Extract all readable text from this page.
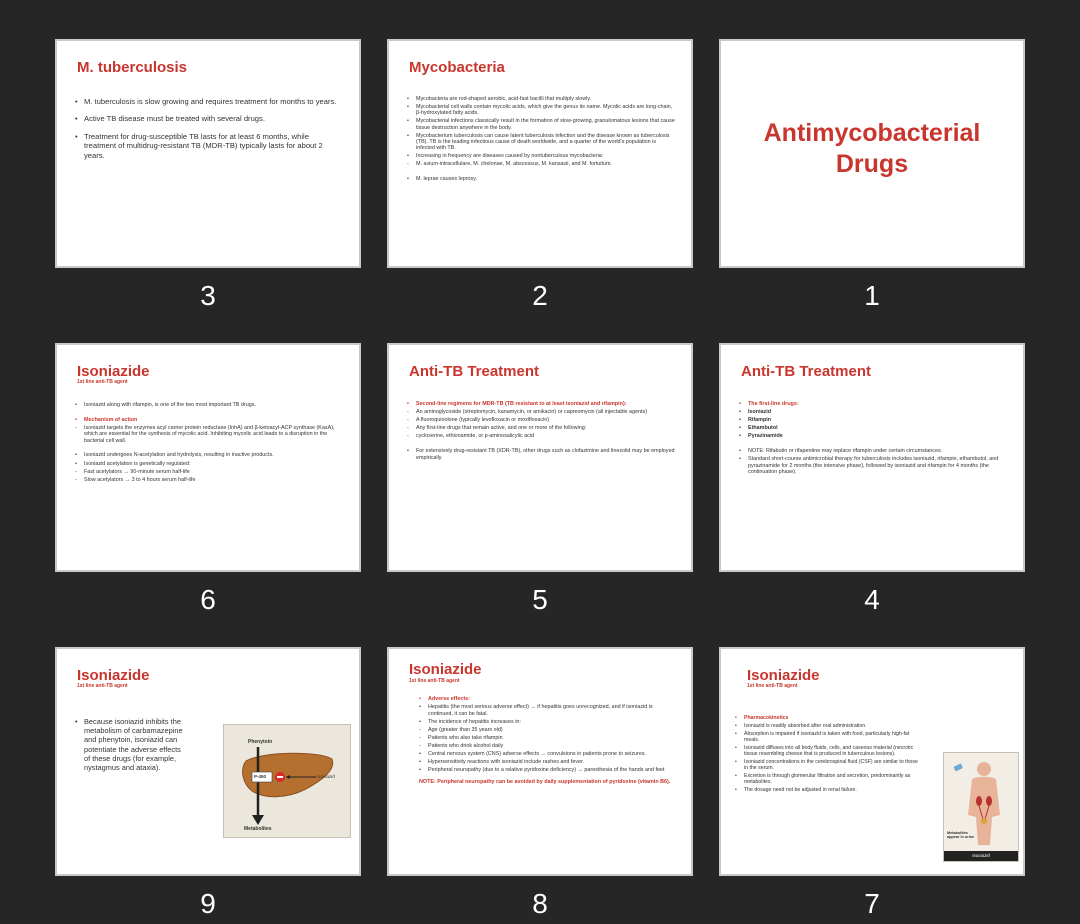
M. tuberculosis
• M. tuberculosis is slow growing and requires treatment for months to years.
• Active TB disease must be treated with several drugs.
• Treatment for drug-susceptible TB lasts for at least 6 months, while treatment of multidrug-resistant TB (MDR-TB) typically lasts for about 2 years.
3
Mycobacteria
• Mycobacteria are rod-shaped aerobic, acid-fast bacilli that multiply slowly.
• Mycobacterial cell walls contain mycolic acids, which give the genus its name. Mycolic acids are long-chain, β-hydroxylated fatty acids.
• Mycobacterial infections classically result in the formation of slow-growing, granulomatous lesions that cause tissue destruction anywhere in the body.
• Mycobacterium tuberculosis can cause latent tuberculosis infection and the disease known as tuberculosis (TB). TB is the leading infectious cause of death worldwide, and a quarter of the world's population is infected with TB.
• Increasing in frequency are diseases caused by nontuberculous mycobacteria:
- M. avium-intracellulare, M. chelonae, M. abscessus, M. kansasii, and M. fortuitum.
• M. leprae causes leprosy.
2
Antimycobacterial
Drugs
1
Isoniazide
1st line anti-TB agent
• Isoniazid along with rifampin, is one of the two most important TB drugs.
• Mechanism of action
- Isoniazid targets the enzymes acyl carrier protein reductase (InhA) and β-ketoacyl-ACP synthase (KasA), which are essential for the synthesis of mycolic acid. Inhibiting mycolic acid leads to a disruption in the bacterial cell wall.
• Isoniazid undergoes N-acetylation and hydrolysis, resulting in inactive products.
• Isoniazid acetylation is genetically regulated:
- Fast acetylators → 90-minute serum half-life
- Slow acetylators → 3 to 4 hours serum half-life
6
Anti-TB Treatment
• Second-line regimens for MDR-TB (TB resistant to at least isoniazid and rifampin):
- An aminoglycoside (streptomycin, kanamycin, or amikacin) or capreomycin (all injectable agents)
- A fluoroquinolone (typically levofloxacin or moxifloxacin)
- Any first-line drugs that remain active, and one or more of the following:
- cycloserine, ethionamide, or p-aminosalicylic acid
• For extensively drug-resistant TB (XDR-TB), other drugs such as clofazimine and linezolid may be employed empirically.
5
Anti-TB Treatment
• The first-line drugs:
• Isoniazid
• Rifampin
• Ethambutol
• Pyrazinamide
• NOTE: Rifabutin or rifapentine may replace rifampin under certain circumstances.
• Standard short-course antimicrobial therapy for tuberculosis includes isoniazid, rifampin, ethambutol, and pyrazinamide for 2 months (the intensive phase), followed by isoniazid and rifampin for 4 months (the continuation phase).
4
Isoniazide
1st line anti-TB agent
• Because isoniazid inhibits the metabolism of carbamazepine and phenytoin, isoniazid can potentiate the adverse effects of these drugs (for example, nystagmus and ataxia).
Phenytoin
P-450	Isoniazid
Metabolites
9
Isoniazide
1st line anti-TB agent
• Adverse effects:
• Hepatitis (the most serious adverse effect) → if hepatitis goes unrecognized, and if isoniazid is continued, it can be fatal.
• The incidence of hepatitis increases in:
- Age (greater than 35 years old)
- Patients who also take rifampin
- Patients who drink alcohol daily
• Central nervous system (CNS) adverse effects → convulsions in patients prone to seizures.
• Hypersensitivity reactions with isoniazid include rashes and fever.
• Peripheral neuropathy (due to a relative pyridoxine deficiency) → paresthesia of the hands and feet
NOTE: Peripheral neuropathy can be avoided by daily supplementation of pyridoxine (vitamin B6).
8
Isoniazide
1st line anti-TB agent
• Pharmacokinetics
• Isoniazid is readily absorbed after oral administration.
• Absorption is impaired if isoniazid is taken with food, particularly high-fat meals.
• Isoniazid diffuses into all body fluids, cells, and caseous material (necrotic tissue resembling cheese that is produced in tuberculous lesions).
• Isoniazid concentrations in the cerebrospinal fluid (CSF) are similar to those in the serum.
• Excretion is through glomerular filtration and secretion, predominantly as metabolites.
• The dosage need not be adjusted in renal failure.
Metabolites appear in urine
Isoniazid
7
